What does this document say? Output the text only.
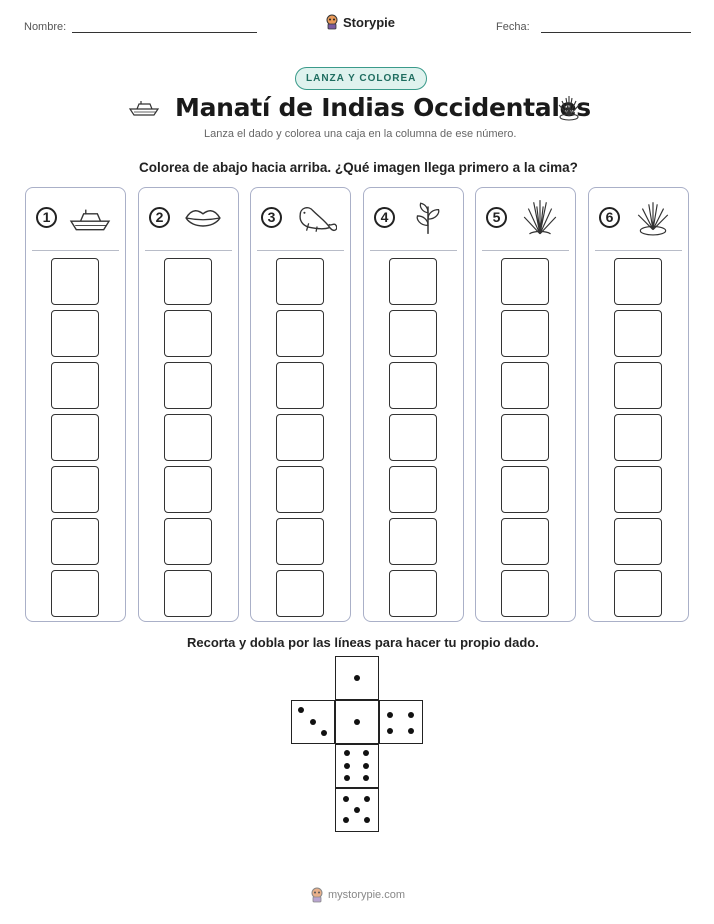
Nombre:	Storypie	Fecha:
LANZA Y COLOREA
Manatí de Indias Occidentales
Lanza el dado y colorea una caja en la columna de ese número.
Colorea de abajo hacia arriba. ¿Qué imagen llega primero a la cima?
1	2	3	4	5	6
Recorta y dobla por las líneas para hacer tu propio dado.
mystorypie.com
